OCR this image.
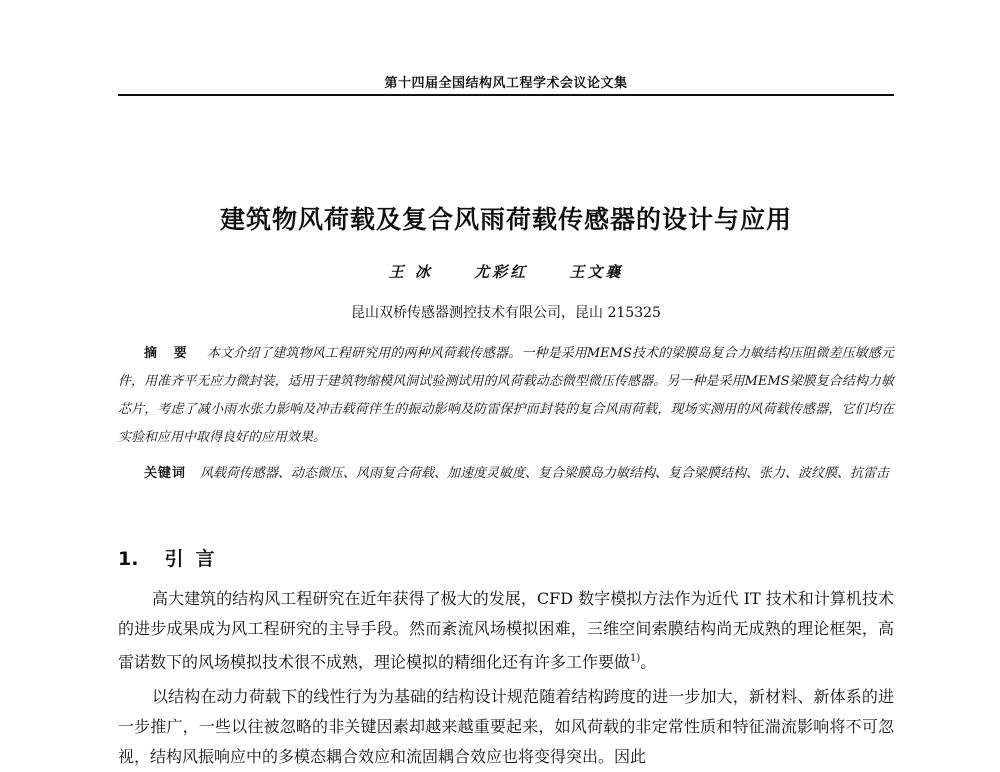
第十四届全国结构风工程学术会议论文集
建筑物风荷载及复合风雨荷载传感器的设计与应用
王 冰	尤彩红	王文襄
昆山双桥传感器测控技术有限公司，昆山 215325
摘 要 本文介绍了建筑物风工程研究用的两种风荷载传感器。一种是采用MEMS技术的梁膜岛复合力敏结构压阻微差压敏感元件，用准齐平无应力微封装，适用于建筑物缩模风洞试验测试用的风荷载动态微型微压传感器。另一种是采用MEMS梁膜复合结构力敏芯片，考虑了减小雨水张力影响及冲击载荷伴生的振动影响及防雷保护而封装的复合风雨荷载，现场实测用的风荷载传感器，它们均在实验和应用中取得良好的应用效果。
关键词 风载荷传感器、动态微压、风雨复合荷载、加速度灵敏度、复合梁膜岛力敏结构、复合梁膜结构、张力、波纹膜、抗雷击
1. 引言
高大建筑的结构风工程研究在近年获得了极大的发展，CFD 数字模拟方法作为近代 IT 技术和计算机技术的进步成果成为风工程研究的主导手段。然而紊流风场模拟困难，三维空间索膜结构尚无成熟的理论框架，高雷诺数下的风场模拟技术很不成熟，理论模拟的精细化还有许多工作要做$^{1)}$。
以结构在动力荷载下的线性行为为基础的结构设计规范随着结构跨度的进一步加大，新材料、新体系的进一步推广，一些以往被忽略的非关键因素却越来越重要起来，如风荷载的非定常性质和特征湍流影响将不可忽视，结构风振响应中的多模态耦合效应和流固耦合效应也将变得突出。因此
